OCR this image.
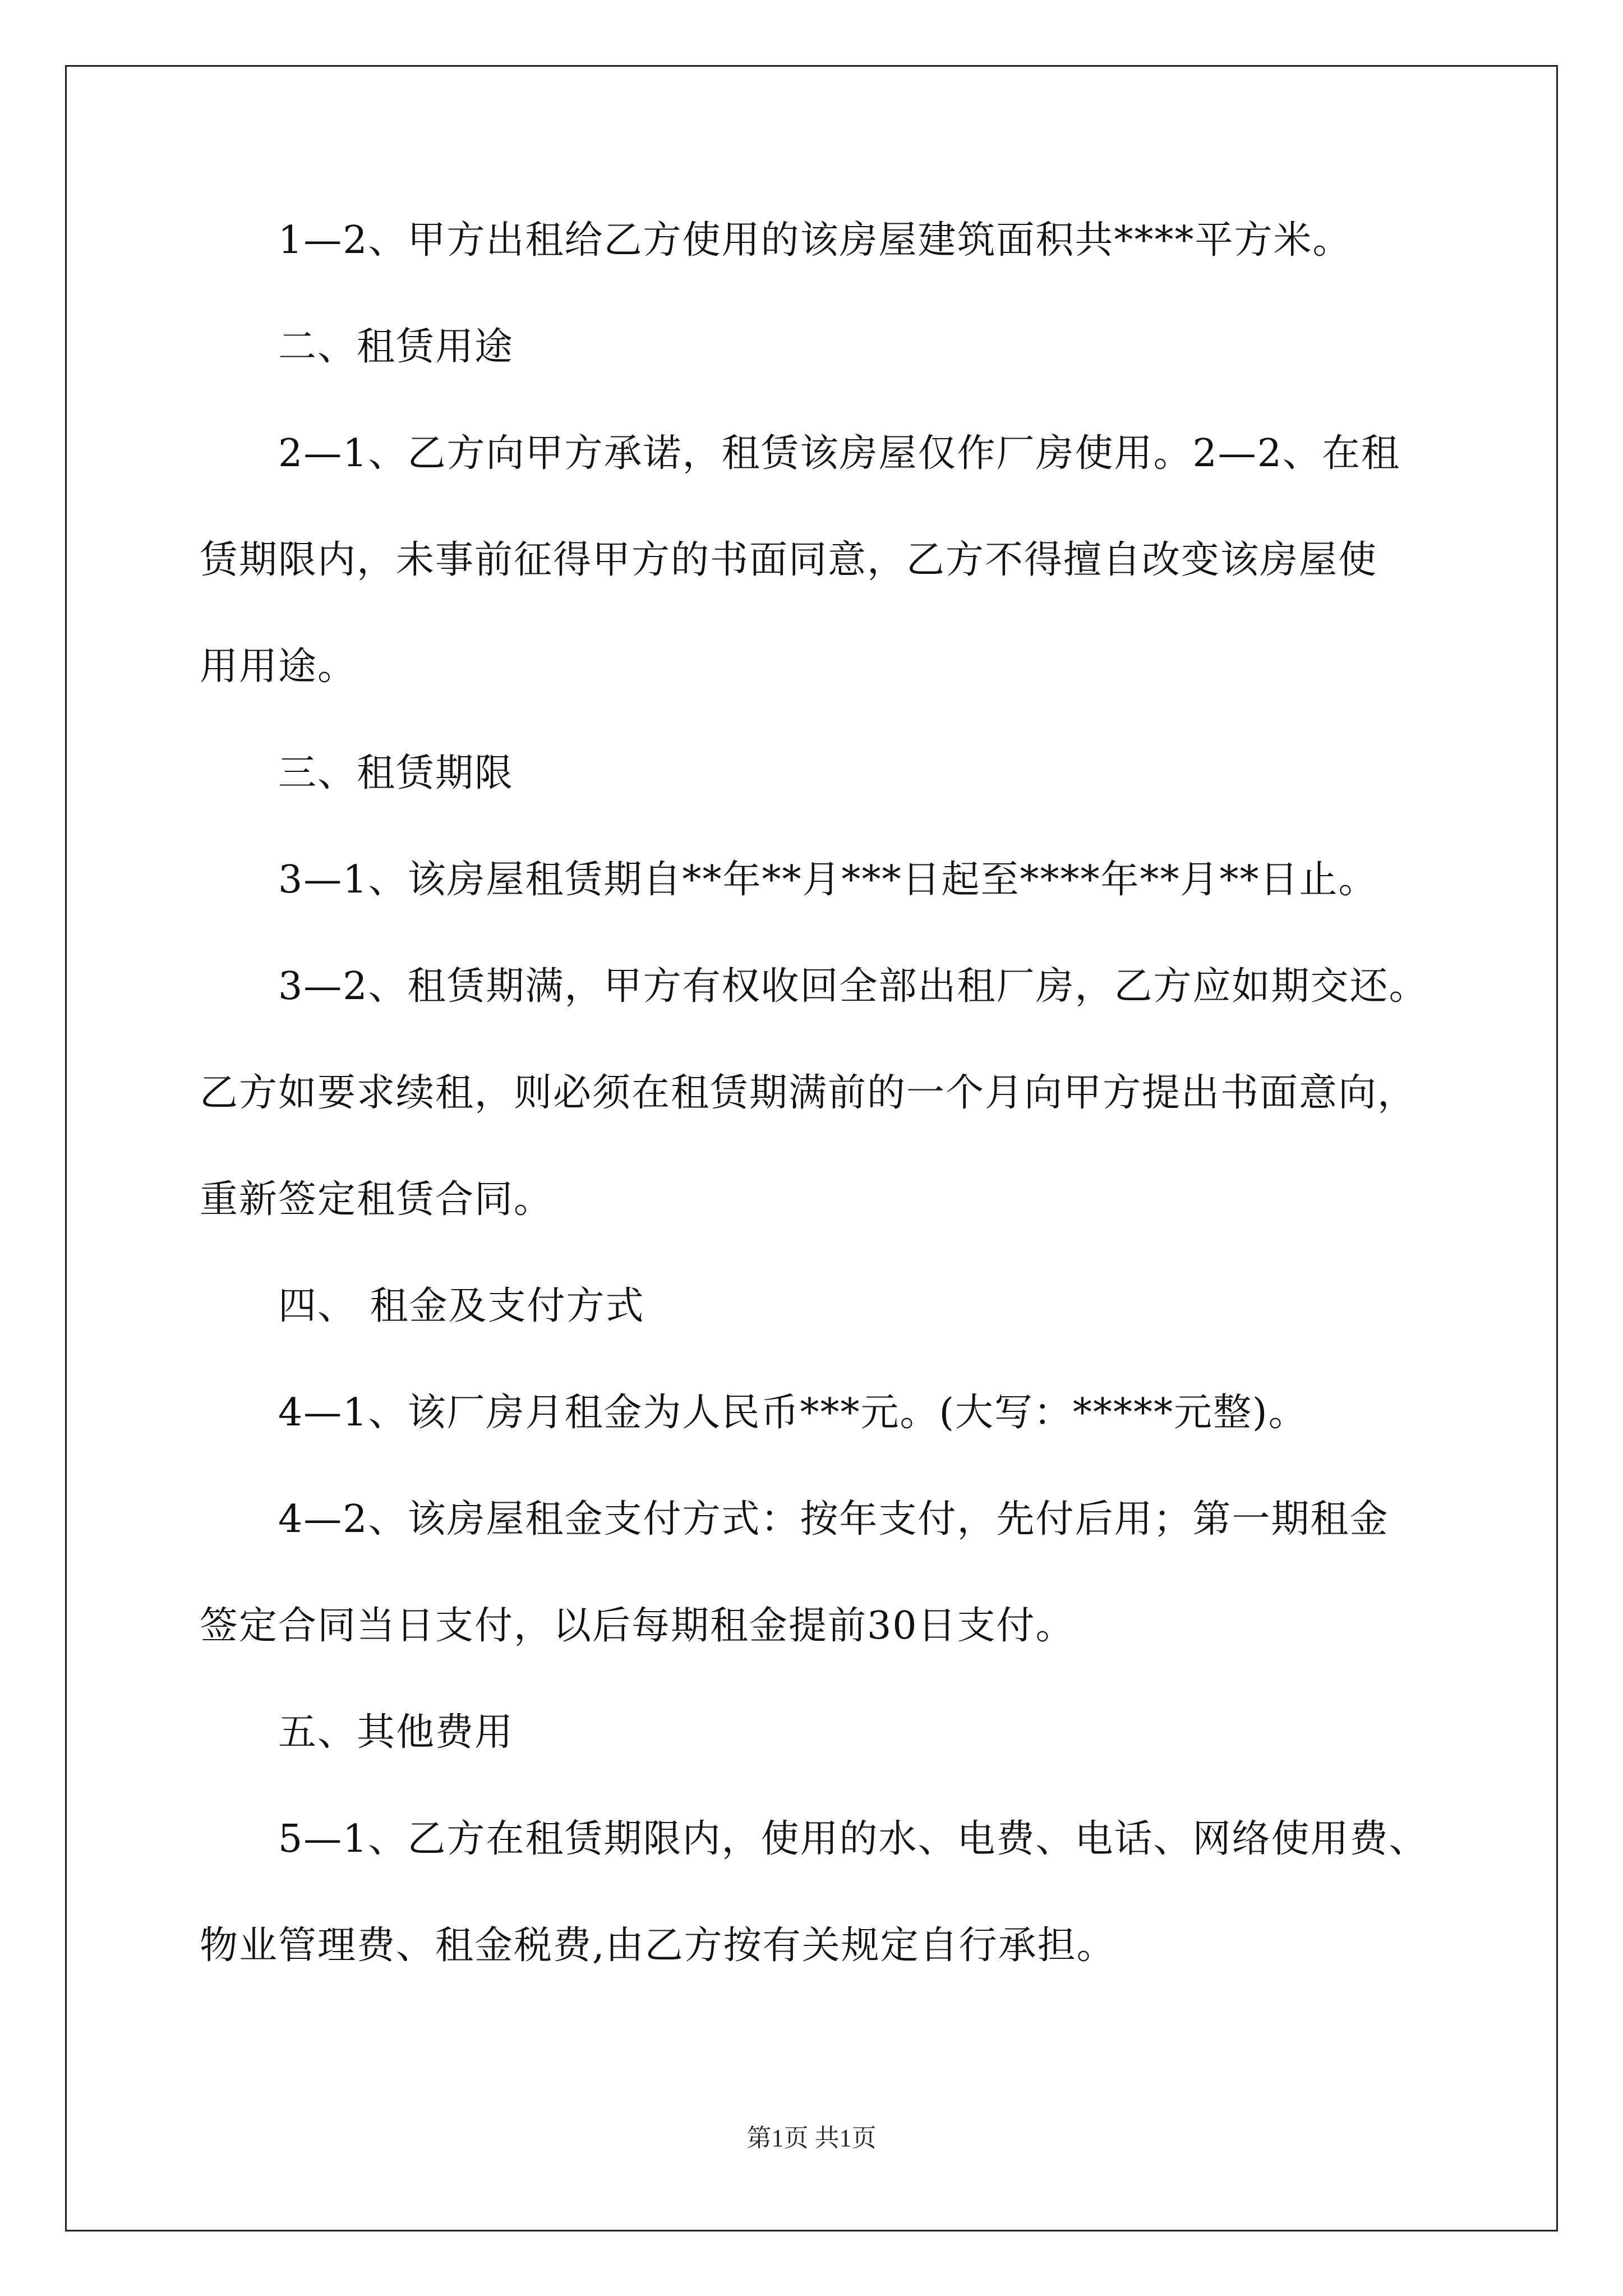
1—2、甲方出租给乙方使用的该房屋建筑面积共****平方米。
二、租赁用途
2—1、乙方向甲方承诺，租赁该房屋仅作厂房使用。2—2、在租
赁期限内，未事前征得甲方的书面同意，乙方不得擅自改变该房屋使
用用途。
三、租赁期限
3—1、该房屋租赁期自**年**月***日起至****年**月**日止。
3—2、租赁期满，甲方有权收回全部出租厂房，乙方应如期交还。
乙方如要求续租，则必须在租赁期满前的一个月向甲方提出书面意向，
重新签定租赁合同。
四、 租金及支付方式
4—1、该厂房月租金为人民币***元。(大写：*****元整)。
4—2、该房屋租金支付方式：按年支付，先付后用；第一期租金
签定合同当日支付，以后每期租金提前30日支付。
五、其他费用
5—1、乙方在租赁期限内，使用的水、电费、电话、网络使用费、
物业管理费、租金税费,由乙方按有关规定自行承担。
第1页 共1页
